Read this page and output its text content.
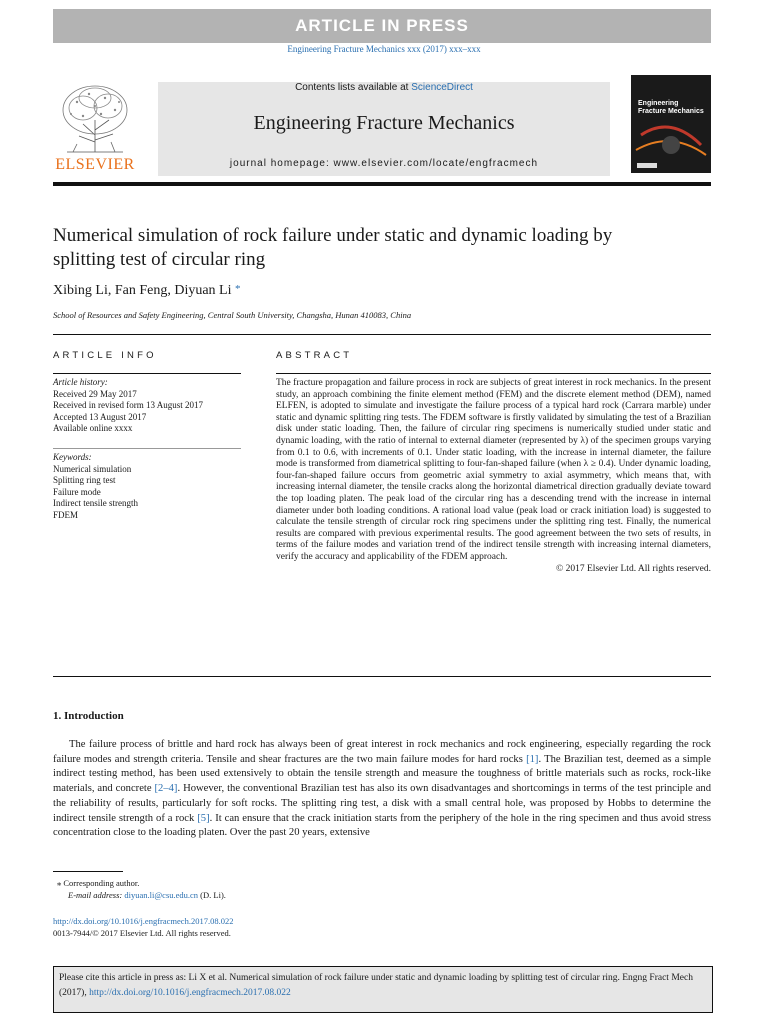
ARTICLE IN PRESS
Engineering Fracture Mechanics xxx (2017) xxx–xxx
ELSEVIER
Contents lists available at ScienceDirect
Engineering Fracture Mechanics
journal homepage: www.elsevier.com/locate/engfracmech
Engineering Fracture Mechanics
Numerical simulation of rock failure under static and dynamic loading by splitting test of circular ring
Xibing Li, Fan Feng, Diyuan Li *
School of Resources and Safety Engineering, Central South University, Changsha, Hunan 410083, China
ARTICLE INFO	ABSTRACT
Article history:
Received 29 May 2017
Received in revised form 13 August 2017
Accepted 13 August 2017
Available online xxxx
Keywords:
Numerical simulation
Splitting ring test
Failure mode
Indirect tensile strength
FDEM
The fracture propagation and failure process in rock are subjects of great interest in rock mechanics. In the present study, an approach combining the finite element method (FEM) and the discrete element method (DEM), named ELFEN, is adopted to simulate and investigate the failure process of a typical hard rock (Carrara marble) under static and dynamic splitting ring tests. The FDEM software is firstly validated by simulating the test of a Brazilian disk under static loading. Then, the failure of circular ring specimens is numerically studied under static and dynamic loading, with the ratio of internal to external diameter (represented by λ) of the specimen groups varying from 0.1 to 0.6, with increments of 0.1. Under static loading, with the increase in internal diameter, the failure mode is transformed from diametrical splitting to four-fan-shaped failure (when λ ≥ 0.4). Under dynamic loading, four-fan-shaped failure occurs from geometric axial symmetry to axial asymmetry, which means that, with increasing internal diameter, the tensile cracks along the horizontal diametrical direction gradually deviate toward the top loading platen. The peak load of the circular ring has a descending trend with the increase in internal diameter under both loading conditions. A rational load value (peak load or crack initiation load) is suggested to calculate the tensile strength of circular rock ring specimens under the splitting ring test. Finally, the numerical results are compared with previous experimental results. The good agreement between the two sets of results, in terms of the failure modes and variation trend of the indirect tensile strength with increasing internal diameters, verify the accuracy and applicability of the FDEM approach.
© 2017 Elsevier Ltd. All rights reserved.
1. Introduction
The failure process of brittle and hard rock has always been of great interest in rock mechanics and rock engineering, especially regarding the rock failure modes and strength criteria. Tensile and shear fractures are the two main failure modes for hard rocks [1]. The Brazilian test, deemed as a simple indirect testing method, has been used extensively to obtain the tensile strength and measure the toughness of brittle materials such as rocks, rock-like materials, and concrete [2–4]. However, the conventional Brazilian test has also its own disadvantages and shortcomings in terms of the test principle and the reliability of results, particularly for soft rocks. The splitting ring test, a disk with a small central hole, was proposed by Hobbs to determine the indirect tensile strength of a rock [5]. It can ensure that the crack initiation starts from the periphery of the hole in the ring specimen and thus avoid stress concentration close to the loading platen. Over the past 20 years, extensive
⁎ Corresponding author.
E-mail address: diyuan.li@csu.edu.cn (D. Li).
http://dx.doi.org/10.1016/j.engfracmech.2017.08.022
0013-7944/© 2017 Elsevier Ltd. All rights reserved.
Please cite this article in press as: Li X et al. Numerical simulation of rock failure under static and dynamic loading by splitting test of circular ring. Engng Fract Mech (2017), http://dx.doi.org/10.1016/j.engfracmech.2017.08.022
